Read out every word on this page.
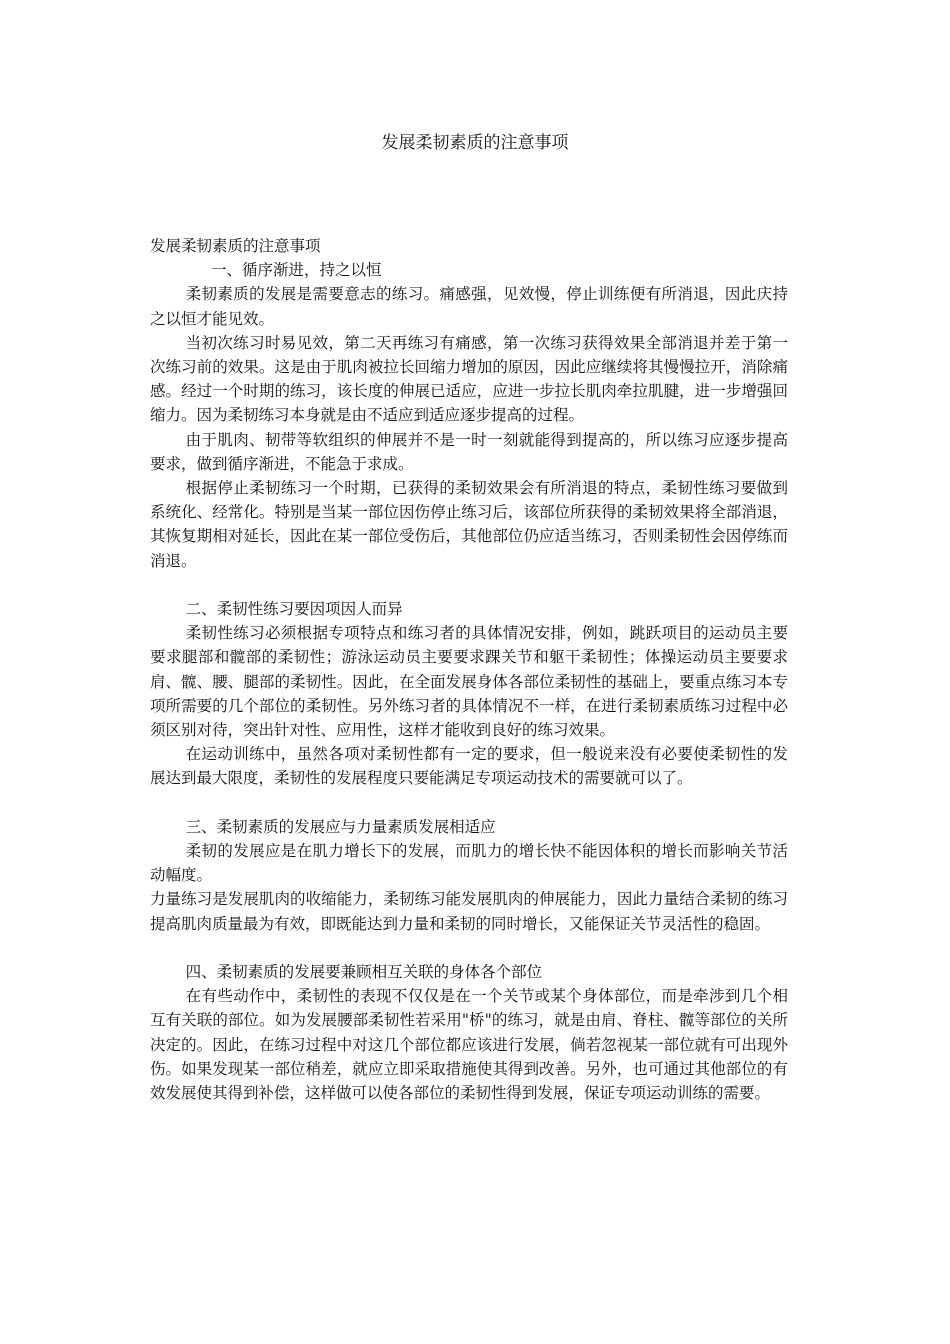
发展柔韧素质的注意事项

发展柔韧素质的注意事项

一、循序渐进，持之以恒

柔韧素质的发展是需要意志的练习。痛感强，见效慢，停止训练便有所消退，因此庆持之以恒才能见效。

当初次练习时易见效，第二天再练习有痛感，第一次练习获得效果全部消退并差于第一次练习前的效果。这是由于肌肉被拉长回缩力增加的原因，因此应继续将其慢慢拉开，消除痛感。经过一个时期的练习，该长度的伸展已适应，应进一步拉长肌肉牵拉肌腱，进一步增强回缩力。因为柔韧练习本身就是由不适应到适应逐步提高的过程。

由于肌肉、韧带等软组织的伸展并不是一时一刻就能得到提高的，所以练习应逐步提高要求，做到循序渐进，不能急于求成。

根据停止柔韧练习一个时期，已获得的柔韧效果会有所消退的特点，柔韧性练习要做到系统化、经常化。特别是当某一部位因伤停止练习后，该部位所获得的柔韧效果将全部消退，其恢复期相对延长，因此在某一部位受伤后，其他部位仍应适当练习，否则柔韧性会因停练而消退。

二、柔韧性练习要因项因人而异

柔韧性练习必须根据专项特点和练习者的具体情况安排，例如，跳跃项目的运动员主要要求腿部和髋部的柔韧性；游泳运动员主要要求踝关节和躯干柔韧性；体操运动员主要要求肩、髋、腰、腿部的柔韧性。因此，在全面发展身体各部位柔韧性的基础上，要重点练习本专项所需要的几个部位的柔韧性。另外练习者的具体情况不一样，在进行柔韧素质练习过程中必须区别对待，突出针对性、应用性，这样才能收到良好的练习效果。

在运动训练中，虽然各项对柔韧性都有一定的要求，但一般说来没有必要使柔韧性的发展达到最大限度，柔韧性的发展程度只要能满足专项运动技术的需要就可以了。

三、柔韧素质的发展应与力量素质发展相适应

柔韧的发展应是在肌力增长下的发展，而肌力的增长快不能因体积的增长而影响关节活动幅度。

力量练习是发展肌肉的收缩能力，柔韧练习能发展肌肉的伸展能力，因此力量结合柔韧的练习提高肌肉质量最为有效，即既能达到力量和柔韧的同时增长，又能保证关节灵活性的稳固。

四、柔韧素质的发展要兼顾相互关联的身体各个部位

在有些动作中，柔韧性的表现不仅仅是在一个关节或某个身体部位，而是牵涉到几个相互有关联的部位。如为发展腰部柔韧性若采用"桥"的练习，就是由肩、脊柱、髋等部位的关所决定的。因此，在练习过程中对这几个部位都应该进行发展，倘若忽视某一部位就有可出现外伤。如果发现某一部位稍差，就应立即采取措施使其得到改善。另外，也可通过其他部位的有效发展使其得到补偿，这样做可以使各部位的柔韧性得到发展，保证专项运动训练的需要。
